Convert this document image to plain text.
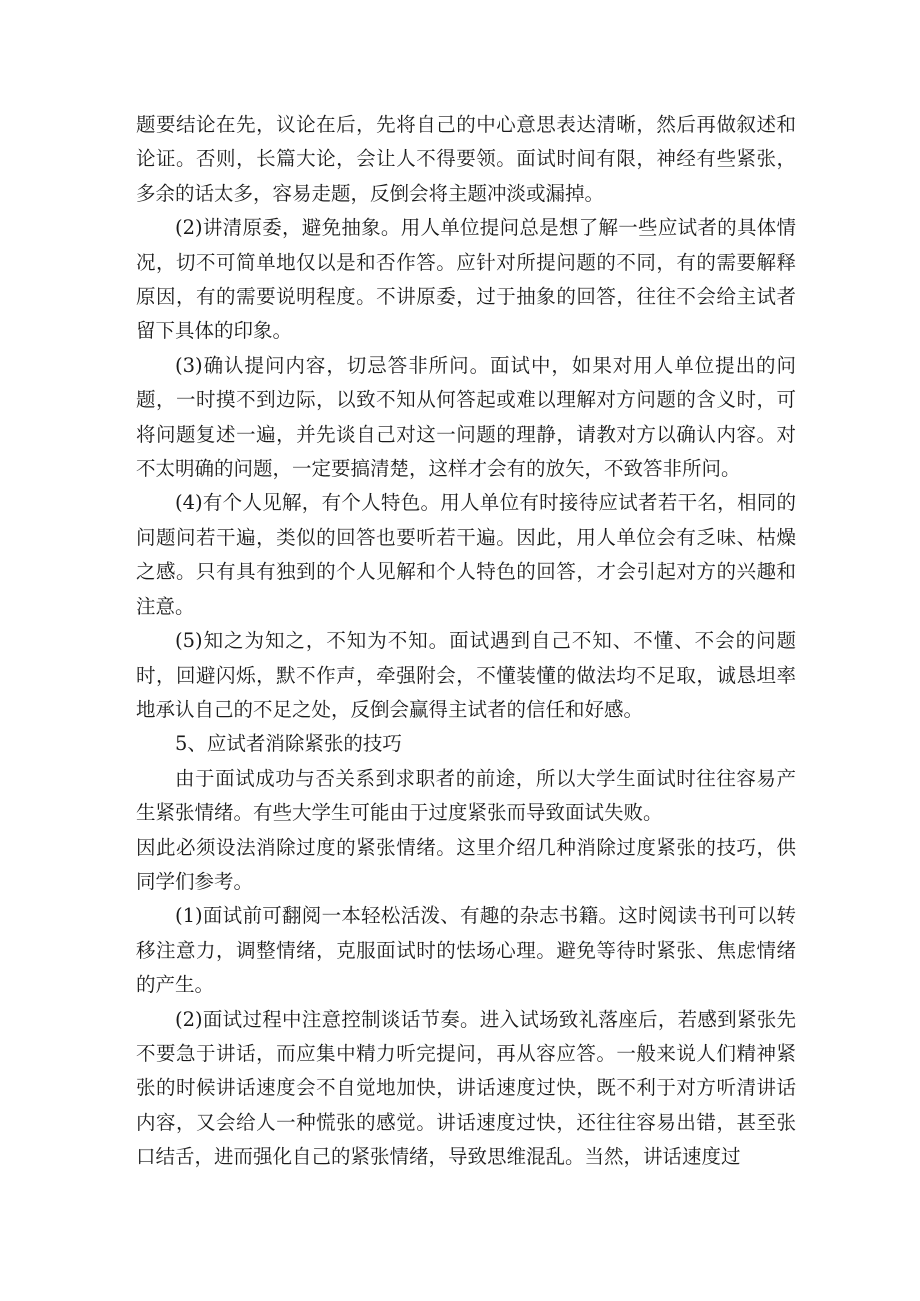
题要结论在先，议论在后，先将自己的中心意思表达清晰，然后再做叙述和论证。否则，长篇大论，会让人不得要领。面试时间有限，神经有些紧张，多余的话太多，容易走题，反倒会将主题冲淡或漏掉。

(2)讲清原委，避免抽象。用人单位提问总是想了解一些应试者的具体情况，切不可简单地仅以是和否作答。应针对所提问题的不同，有的需要解释原因，有的需要说明程度。不讲原委，过于抽象的回答，往往不会给主试者留下具体的印象。

(3)确认提问内容，切忌答非所问。面试中，如果对用人单位提出的问题，一时摸不到边际，以致不知从何答起或难以理解对方问题的含义时，可将问题复述一遍，并先谈自己对这一问题的理静，请教对方以确认内容。对不太明确的问题，一定要搞清楚，这样才会有的放矢，不致答非所问。

(4)有个人见解，有个人特色。用人单位有时接待应试者若干名，相同的问题问若干遍，类似的回答也要听若干遍。因此，用人单位会有乏味、枯燥之感。只有具有独到的个人见解和个人特色的回答，才会引起对方的兴趣和注意。

(5)知之为知之，不知为不知。面试遇到自己不知、不懂、不会的问题时，回避闪烁，默不作声，牵强附会，不懂装懂的做法均不足取，诚恳坦率地承认自己的不足之处，反倒会赢得主试者的信任和好感。

5、应试者消除紧张的技巧

由于面试成功与否关系到求职者的前途，所以大学生面试时往往容易产生紧张情绪。有些大学生可能由于过度紧张而导致面试失败。

因此必须设法消除过度的紧张情绪。这里介绍几种消除过度紧张的技巧，供同学们参考。

(1)面试前可翻阅一本轻松活泼、有趣的杂志书籍。这时阅读书刊可以转移注意力，调整情绪，克服面试时的怯场心理。避免等待时紧张、焦虑情绪的产生。

(2)面试过程中注意控制谈话节奏。进入试场致礼落座后，若感到紧张先不要急于讲话，而应集中精力听完提问，再从容应答。一般来说人们精神紧张的时候讲话速度会不自觉地加快，讲话速度过快，既不利于对方听清讲话内容，又会给人一种慌张的感觉。讲话速度过快，还往往容易出错，甚至张口结舌，进而强化自己的紧张情绪，导致思维混乱。当然，讲话速度过
